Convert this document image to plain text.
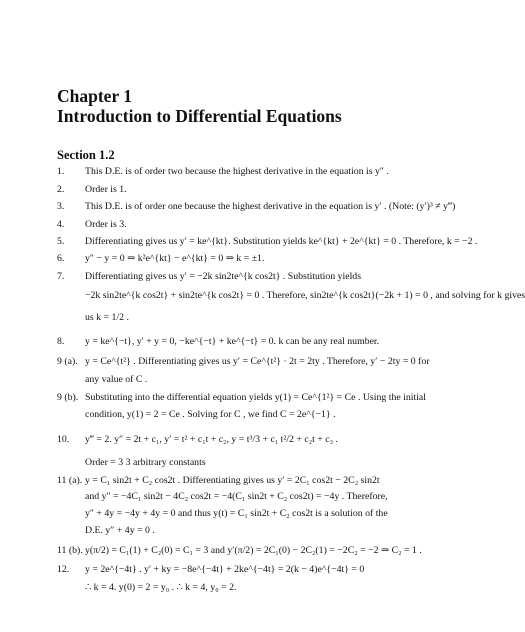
Chapter 1
Introduction to Differential Equations
Section 1.2
1. This D.E. is of order two because the highest derivative in the equation is y″ .
2. Order is 1.
3. This D.E. is of order one because the highest derivative in the equation is y′ . (Note: (y′)³ ≠ y‴)
4. Order is 3.
5. Differentiating gives us y′ = ke^{kt}. Substitution yields ke^{kt} + 2e^{kt} = 0 . Therefore, k = −2 .
6. y″ − y = 0 ⇒ k²e^{kt} − e^{kt} = 0 ⇒ k = ±1.
7. Differentiating gives us y′ = −2k sin2te^{k cos2t} . Substitution yields
−2k sin2te^{k cos2t} + sin2te^{k cos2t} = 0 . Therefore, sin2te^{k cos2t}(−2k + 1) = 0 , and solving for k gives
us k = 1/2 .
8. y = ke^{−t}, y′ + y = 0, −ke^{−t} + ke^{−t} = 0. k can be any real number.
9 (a). y = Ce^{t²} . Differentiating gives us y′ = Ce^{t²} · 2t = 2ty . Therefore, y′ − 2ty = 0 for
any value of C .
9 (b). Substituting into the differential equation yields y(1) = Ce^{1²} = Ce . Using the initial
condition, y(1) = 2 = Ce . Solving for C , we find C = 2e^{−1} .
10. y‴ = 2. y″ = 2t + c₁, y′ = t² + c₁t + c₂, y = t³/3 + c₁ t²/2 + c₂t + c₃ .
Order = 3 3 arbitrary constants
11 (a). y = C₁ sin2t + C₂ cos2t . Differentiating gives us y′ = 2C₁ cos2t − 2C₂ sin2t
and y″ = −4C₁ sin2t − 4C₂ cos2t = −4(C₁ sin2t + C₂ cos2t) = −4y . Therefore,
y″ + 4y = −4y + 4y = 0 and thus y(t) = C₁ sin2t + C₂ cos2t is a solution of the
D.E. y″ + 4y = 0 .
11 (b). y(π/2) = C₁(1) + C₂(0) = C₁ = 3 and y′(π/2) = 2C₁(0) − 2C₂(1) = −2C₂ = −2 ⇒ C₂ = 1 .
12. y = 2e^{−4t} . y′ + ky = −8e^{−4t} + 2ke^{−4t} = 2(k − 4)e^{−4t} = 0
∴ k = 4. y(0) = 2 = y₀ . ∴ k = 4, y₀ = 2.
